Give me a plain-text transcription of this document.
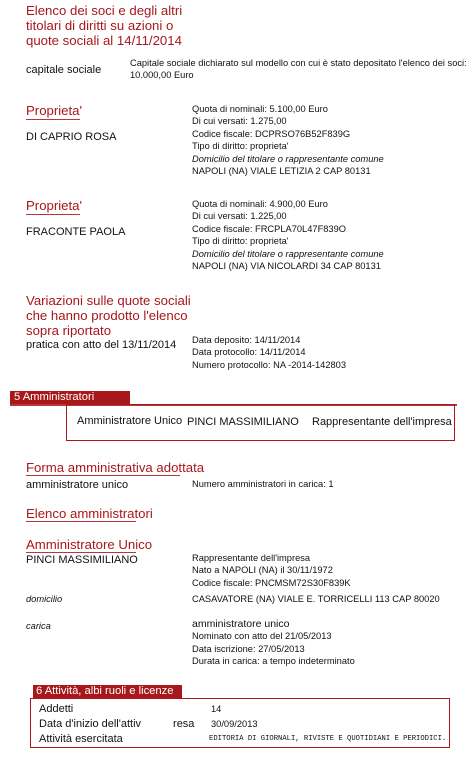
Elenco dei soci e degli altri
titolari di diritti su azioni o
quote sociali al 14/11/2014
capitale sociale
Capitale sociale dichiarato sul modello con cui è stato depositato l'elenco dei soci:
10.000,00 Euro
Proprieta'
DI CAPRIO ROSA
Quota di nominali: 5.100,00 Euro
Di cui versati: 1.275,00
Codice fiscale: DCPRSO76B52F839G
Tipo di diritto: proprieta'
Domicilio del titolare o rappresentante comune
NAPOLI (NA) VIALE LETIZIA 2 CAP 80131
Proprieta'
FRACONTE PAOLA
Quota di nominali: 4.900,00 Euro
Di cui versati: 1.225,00
Codice fiscale: FRCPLA70L47F839O
Tipo di diritto: proprieta'
Domicilio del titolare o rappresentante comune
NAPOLI (NA) VIA NICOLARDI 34 CAP 80131
Variazioni sulle quote sociali
che hanno prodotto l'elenco
sopra riportato
pratica con atto del 13/11/2014 Data deposito: 14/11/2014
Data protocollo: 14/11/2014
Numero protocollo: NA -2014-142803
5 Amministratori
Amministratore Unico PINCI MASSIMILIANO Rappresentante dell'impresa
Forma amministrativa adottata
amministratore unico	Numero amministratori in carica: 1
Elenco amministratori
Amministratore Unico
PINCI MASSIMILIANO	Rappresentante dell'impresa
Nato a NAPOLI (NA) il 30/11/1972
Codice fiscale: PNCMSM72S30F839K
domicilio	CASAVATORE (NA) VIALE E. TORRICELLI 113 CAP 80020
carica	amministratore unico
Nominato con atto del 21/05/2013
Data iscrizione: 27/05/2013
Durata in carica: a tempo indeterminato
6 Attività, albi ruoli e licenze
Addetti	14
Data d'inizio dell'attiv	resa 30/09/2013
Attività esercitata	EDITORIA DI GIORNALI, RIVISTE E QUOTIDIANI E PERIODICI.
